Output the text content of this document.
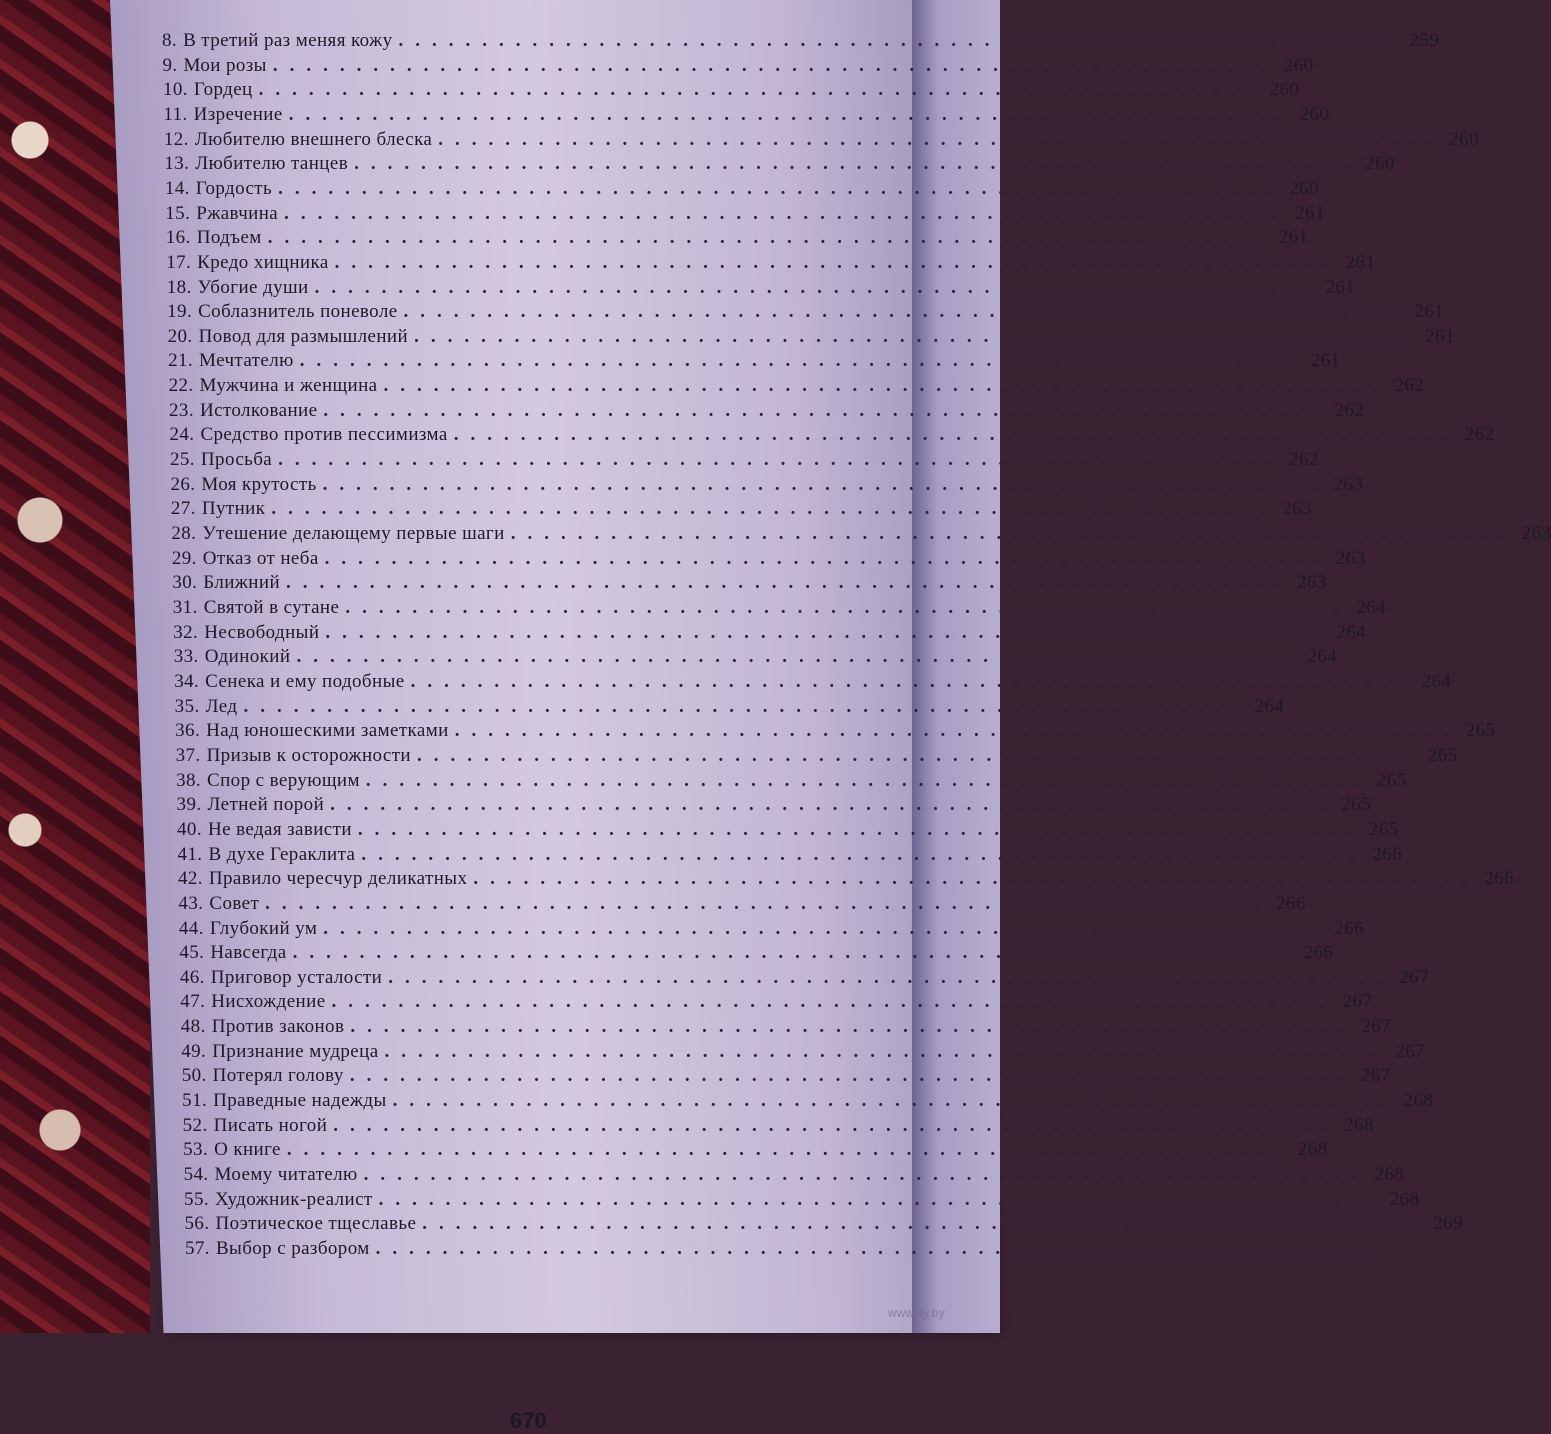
8. В третий раз меняя кожу ............................................................ 259
9. Мои розы ............................................................ 260
10. Гордец ............................................................ 260
11. Изречение ............................................................ 260
12. Любителю внешнего блеска ............................................................ 260
13. Любителю танцев ............................................................ 260
14. Гордость ............................................................ 260
15. Ржавчина ............................................................ 261
16. Подъем ............................................................ 261
17. Кредо хищника ............................................................ 261
18. Убогие души ............................................................ 261
19. Соблазнитель поневоле ............................................................ 261
20. Повод для размышлений ............................................................ 261
21. Мечтателю ............................................................ 261
22. Мужчина и женщина ............................................................ 262
23. Истолкование ............................................................ 262
24. Средство против пессимизма ............................................................ 262
25. Просьба ............................................................ 262
26. Моя крутость ............................................................ 263
27. Путник ............................................................ 263
28. Утешение делающему первые шаги ............................................................ 263
29. Отказ от неба ............................................................ 263
30. Ближний ............................................................ 263
31. Святой в сутане ............................................................ 264
32. Несвободный ............................................................ 264
33. Одинокий ............................................................ 264
34. Сенека и ему подобные ............................................................ 264
35. Лед ............................................................ 264
36. Над юношескими заметками ............................................................ 265
37. Призыв к осторожности ............................................................ 265
38. Спор с верующим ............................................................ 265
39. Летней порой ............................................................ 265
40. Не ведая зависти ............................................................ 265
41. В духе Гераклита ............................................................ 266
42. Правило чересчур деликатных ............................................................ 266
43. Совет ............................................................ 266
44. Глубокий ум ............................................................ 266
45. Навсегда ............................................................ 266
46. Приговор усталости ............................................................ 267
47. Нисхождение ............................................................ 267
48. Против законов ............................................................ 267
49. Признание мудреца ............................................................ 267
50. Потерял голову ............................................................ 267
51. Праведные надежды ............................................................ 268
52. Писать ногой ............................................................ 268
53. О книге ............................................................ 268
54. Моему читателю ............................................................ 268
55. Художник-реалист ............................................................ 268
56. Поэтическое тщеславье ............................................................ 269
57. Выбор с разбором ............................................................
670
www.ay.by
